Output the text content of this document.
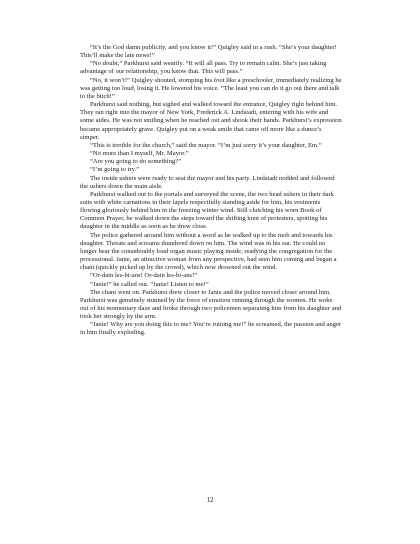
“It’s the God damn publicity, and you know it!” Quigley said in a rush. “She’s your daughter! This’ll make the late news!”

“No doubt,” Parkhurst said wearily. “It will all pass. Try to remain calm. She’s just taking advantage of our relationship, you know that. This will pass.”

“No, it won’t!” Quigley shouted, stomping his foot like a preschooler, immediately realizing he was getting too loud, losing it. He lowered his voice. “The least you can do it go out there and talk to the bitch!”

Parkhurst said nothing, but sighed and walked toward the entrance, Quigley right behind him. They ran right into the mayor of New York, Frederick A. Lindstadt, entering with his wife and some aides. He was not smiling when he reached out and shook their hands. Parkhurst’s expression became appropriately grave. Quigley put on a weak smile that came off more like a dunce’s simper.

“This is terrible for the church,” said the mayor. “I’m just sorry it’s your daughter, Em.”

“No more than I myself, Mr. Mayor.”

“Are you going to do something?”

“I’m going to try.”

The inside ushers were ready to seat the mayor and his party. Lindstadt nodded and followed the ushers down the main aisle.

Parkhurst walked out to the portals and surveyed the scene, the two head ushers in their dark suits with white carnations in their lapels respectfully standing aside for him, his vestments flowing gloriously behind him in the freezing winter wind. Still clutching his worn Book of Common Prayer, he walked down the steps toward the shifting knot of protesters, spotting his daughter in the middle as soon as he drew close.

The police gathered around him without a word as he walked up to the mob and towards his daughter. Threats and screams thundered down on him. The wind was in his ear. He could no longer hear the considerably loud organ music playing inside, readying the congregation for the processional. Janie, an attractive woman from any perspective, had seen him coming and began a chant (quickly picked up by the crowd), which now drowned out the wind.

“Or-dain les-bi-ans! Or-dain les-bi-ans!”

“Janie!” he called out. “Janie! Listen to me!”

The chant went on. Parkhurst drew closer to Janie and the police moved closer around him. Parkhurst was genuinely stunned by the force of emotion running through the women. He woke out of his momentary daze and broke through two policemen separating him from his daughter and took her strongly by the arm.

“Janie! Why are you doing this to me? You’re ruining me!” he screamed, the passion and anger in him finally exploding.

12
